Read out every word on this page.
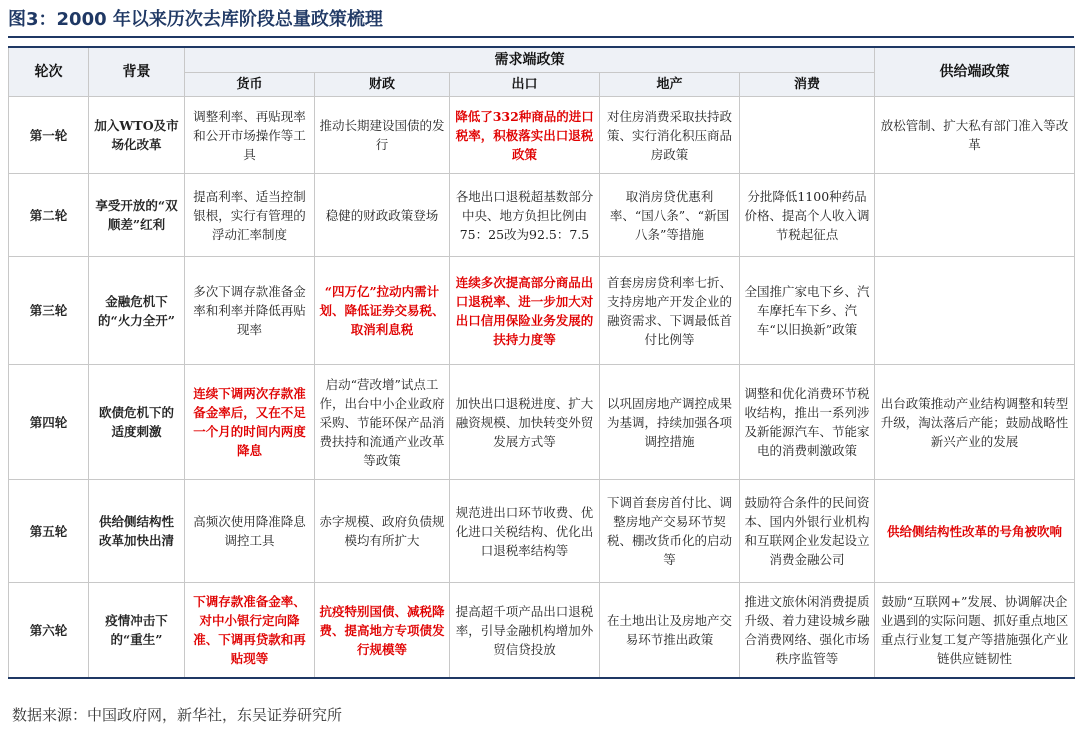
图3：2000 年以来历次去库阶段总量政策梳理
轮次	背景	需求端政策					供给端政策
		货币	财政	出口	地产	消费	
第一轮	加入WTO及市场化改革	调整利率、再贴现率和公开市场操作等工具	推动长期建设国债的发行	降低了332种商品的进口税率，积极落实出口退税政策	对住房消费采取扶持政策、实行消化积压商品房政策		放松管制、扩大私有部门准入等改革
第二轮	享受开放的“双顺差”红利	提高利率、适当控制银根，实行有管理的浮动汇率制度	稳健的财政政策登场	各地出口退税超基数部分中央、地方负担比例由75：25改为92.5：7.5	取消房贷优惠利率、“国八条”、“新国八条”等措施	分批降低1100种药品价格、提高个人收入调节税起征点	
第三轮	金融危机下的“火力全开”	多次下调存款准备金率和利率并降低再贴现率	“四万亿”拉动内需计划、降低证券交易税、取消利息税	连续多次提高部分商品出口退税率、进一步加大对出口信用保险业务发展的扶持力度等	首套房房贷利率七折、支持房地产开发企业的融资需求、下调最低首付比例等	全国推广家电下乡、汽车摩托车下乡、汽车“以旧换新”政策	
第四轮	欧债危机下的适度刺激	连续下调两次存款准备金率后，又在不足一个月的时间内两度降息	启动“营改增”试点工作，出台中小企业政府采购、节能环保产品消费扶持和流通产业改革等政策	加快出口退税进度、扩大融资规模、加快转变外贸发展方式等	以巩固房地产调控成果为基调，持续加强各项调控措施	调整和优化消费环节税收结构，推出一系列涉及新能源汽车、节能家电的消费刺激政策	出台政策推动产业结构调整和转型升级，淘汰落后产能；鼓励战略性新兴产业的发展
第五轮	供给侧结构性改革加快出清	高频次使用降准降息调控工具	赤字规模、政府负债规模均有所扩大	规范进出口环节收费、优化进口关税结构、优化出口退税率结构等	下调首套房首付比、调整房地产交易环节契税、棚改货币化的启动等	鼓励符合条件的民间资本、国内外银行业机构和互联网企业发起设立消费金融公司	供给侧结构性改革的号角被吹响
第六轮	疫情冲击下的“重生”	下调存款准备金率、对中小银行定向降准、下调再贷款和再贴现等	抗疫特别国债、减税降费、提高地方专项债发行规模等	提高超千项产品出口退税率，引导金融机构增加外贸信贷投放	在土地出让及房地产交易环节推出政策	推进文旅休闲消费提质升级、着力建设城乡融合消费网络、强化市场秩序监管等	鼓励“互联网+”发展、协调解决企业遇到的实际问题、抓好重点地区重点行业复工复产等措施强化产业链供应链韧性
数据来源：中国政府网，新华社，东吴证券研究所
